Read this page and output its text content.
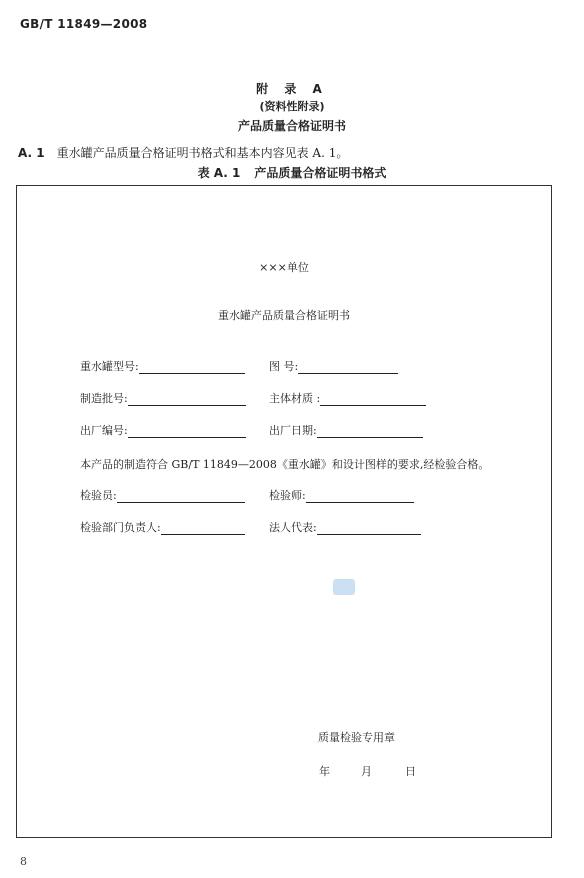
GB/T 11849—2008
附 录 A
(资料性附录)
产品质量合格证明书
A. 1 重水罐产品质量合格证明书格式和基本内容见表 A. 1。
表 A. 1 产品质量合格证明书格式
×××单位
重水罐产品质量合格证明书
重水罐型号:	图 号:
制造批号:	主体材质 :
出厂编号:	出厂日期:
本产品的制造符合 GB/T 11849—2008《重水罐》和设计图样的要求,经检验合格。
检验员:	检验师:
检验部门负责人:	法人代表:
质量检验专用章
年	月	日
8
